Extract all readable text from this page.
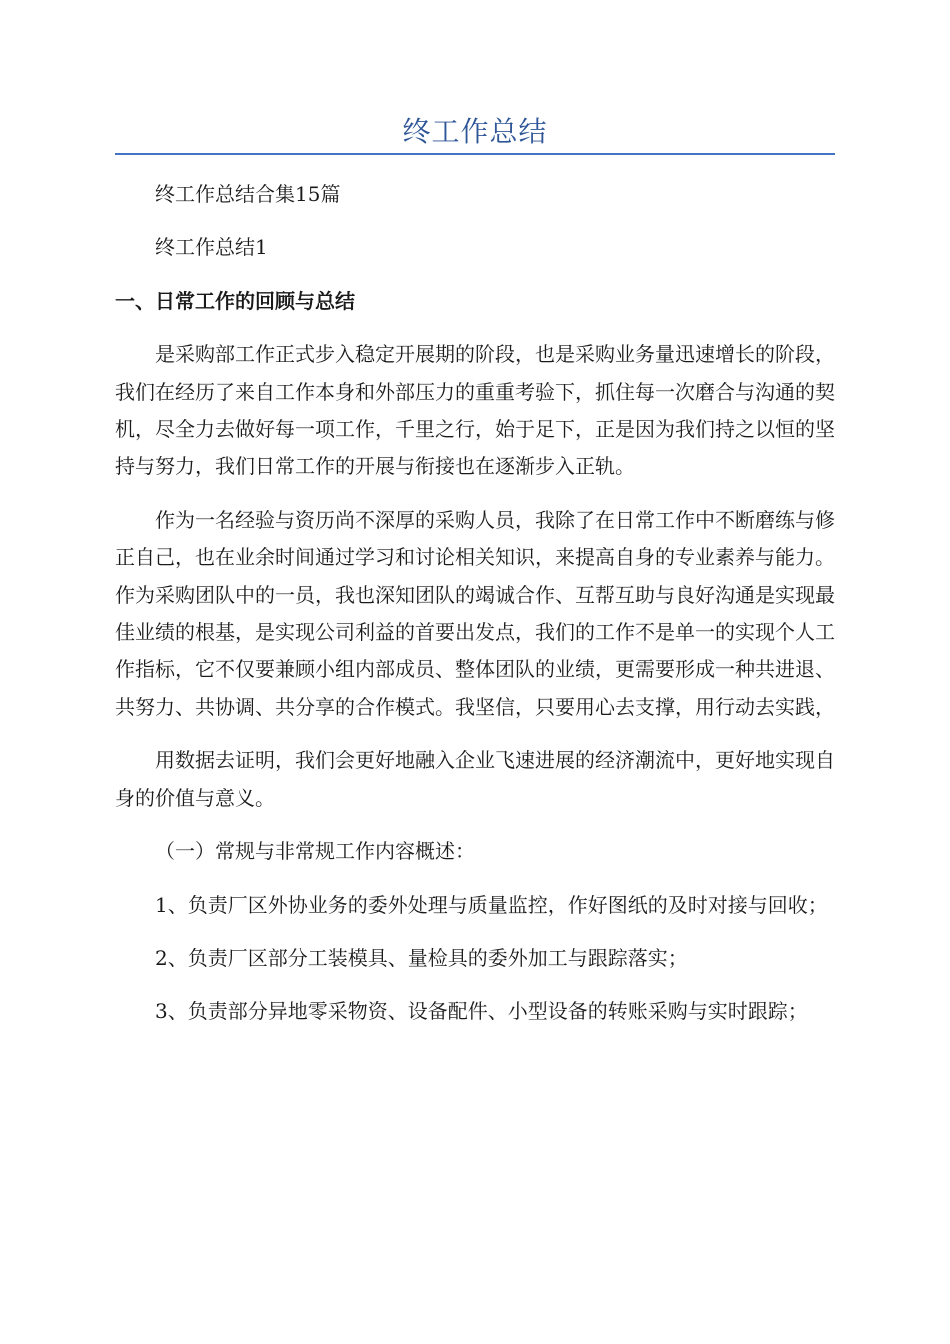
终工作总结

终工作总结合集15篇

终工作总结1

一、日常工作的回顾与总结

是采购部工作正式步入稳定开展期的阶段，也是采购业务量迅速增长的阶段，我们在经历了来自工作本身和外部压力的重重考验下，抓住每一次磨合与沟通的契机，尽全力去做好每一项工作，千里之行，始于足下，正是因为我们持之以恒的坚持与努力，我们日常工作的开展与衔接也在逐渐步入正轨。

作为一名经验与资历尚不深厚的采购人员，我除了在日常工作中不断磨练与修正自己，也在业余时间通过学习和讨论相关知识，来提高自身的专业素养与能力。作为采购团队中的一员，我也深知团队的竭诚合作、互帮互助与良好沟通是实现最佳业绩的根基，是实现公司利益的首要出发点，我们的工作不是单一的实现个人工作指标，它不仅要兼顾小组内部成员、整体团队的业绩，更需要形成一种共进退、共努力、共协调、共分享的合作模式。我坚信，只要用心去支撑，用行动去实践，

用数据去证明，我们会更好地融入企业飞速进展的经济潮流中，更好地实现自身的价值与意义。

（一）常规与非常规工作内容概述：

1、负责厂区外协业务的委外处理与质量监控，作好图纸的及时对接与回收；

2、负责厂区部分工装模具、量检具的委外加工与跟踪落实；

3、负责部分异地零采物资、设备配件、小型设备的转账采购与实时跟踪；
